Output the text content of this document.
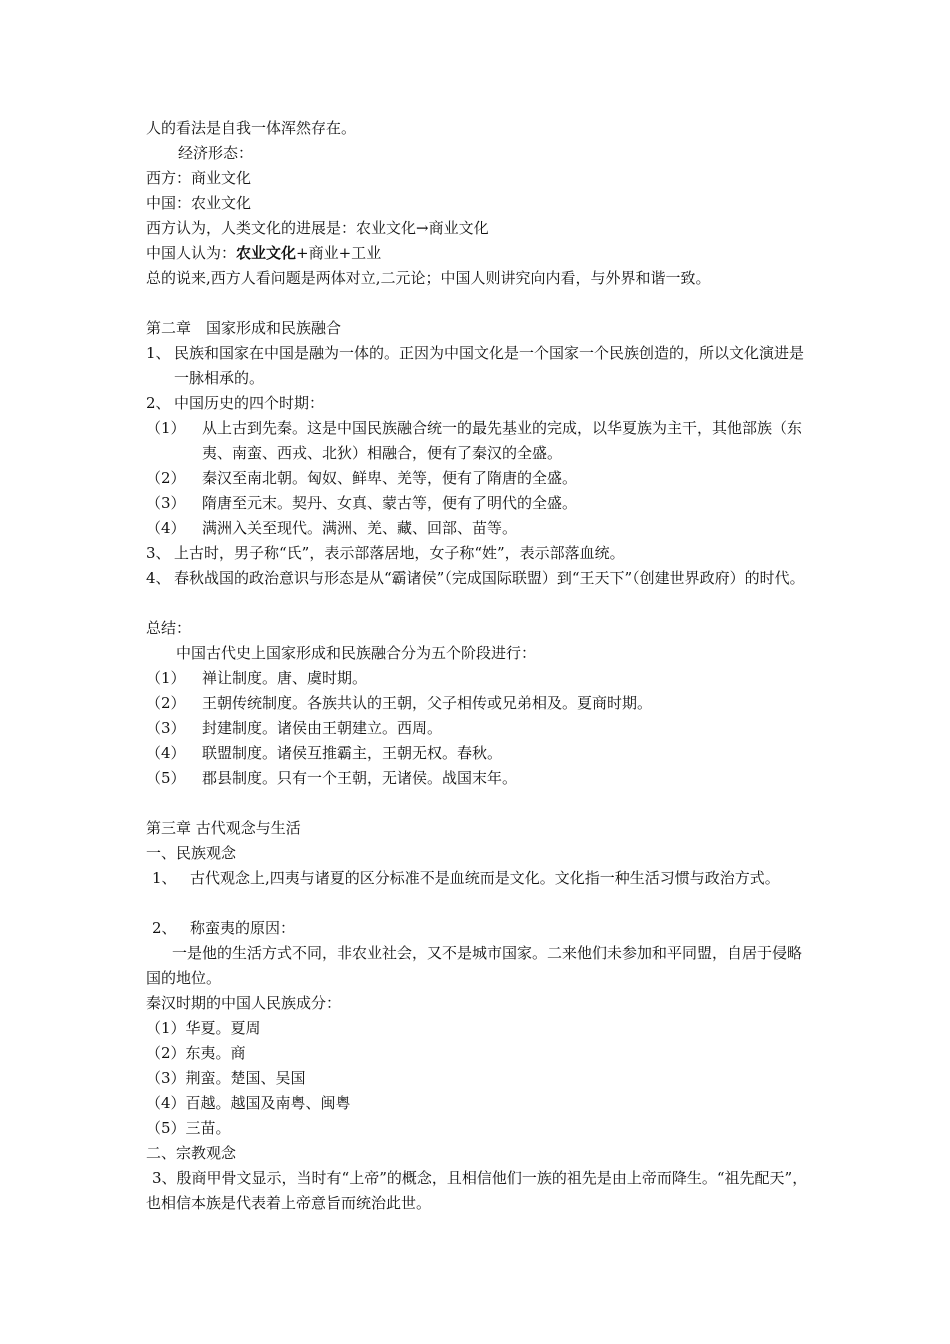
人的看法是自我一体浑然存在。
经济形态：
西方：商业文化
中国：农业文化
西方认为，人类文化的进展是：农业文化→商业文化
中国人认为：农业文化+商业+工业
总的说来,西方人看问题是两体对立,二元论；中国人则讲究向内看，与外界和谐一致。
第二章　国家形成和民族融合
1、 民族和国家在中国是融为一体的。正因为中国文化是一个国家一个民族创造的，所以文化演进是一脉相承的。
2、 中国历史的四个时期：
（1）	从上古到先秦。这是中国民族融合统一的最先基业的完成，以华夏族为主干，其他部族（东夷、南蛮、西戎、北狄）相融合，便有了秦汉的全盛。
（2）	秦汉至南北朝。匈奴、鲜卑、羌等，便有了隋唐的全盛。
（3）	隋唐至元末。契丹、女真、蒙古等，便有了明代的全盛。
（4）	满洲入关至现代。满洲、羌、藏、回部、苗等。
3、 上古时，男子称“氏”，表示部落居地，女子称“姓”，表示部落血统。
4、 春秋战国的政治意识与形态是从“霸诸侯”（完成国际联盟）到“王天下”（创建世界政府）的时代。
总结：
中国古代史上国家形成和民族融合分为五个阶段进行：
（1）	禅让制度。唐、虞时期。
（2）	王朝传统制度。各族共认的王朝，父子相传或兄弟相及。夏商时期。
（3）	封建制度。诸侯由王朝建立。西周。
（4）	联盟制度。诸侯互推霸主，王朝无权。春秋。
（5）	郡县制度。只有一个王朝，无诸侯。战国末年。
第三章 古代观念与生活
一、民族观念
1、 古代观念上,四夷与诸夏的区分标准不是血统而是文化。文化指一种生活习惯与政治方式。
2、 称蛮夷的原因：
一是他的生活方式不同，非农业社会，又不是城市国家。二来他们未参加和平同盟，自居于侵略国的地位。
秦汉时期的中国人民族成分：
（1）华夏。夏周
（2）东夷。商
（3）荆蛮。楚国、吴国
（4）百越。越国及南粤、闽粤
（5）三苗。
二、宗教观念
3、殷商甲骨文显示，当时有“上帝”的概念，且相信他们一族的祖先是由上帝而降生。“祖先配天”，也相信本族是代表着上帝意旨而统治此世。
